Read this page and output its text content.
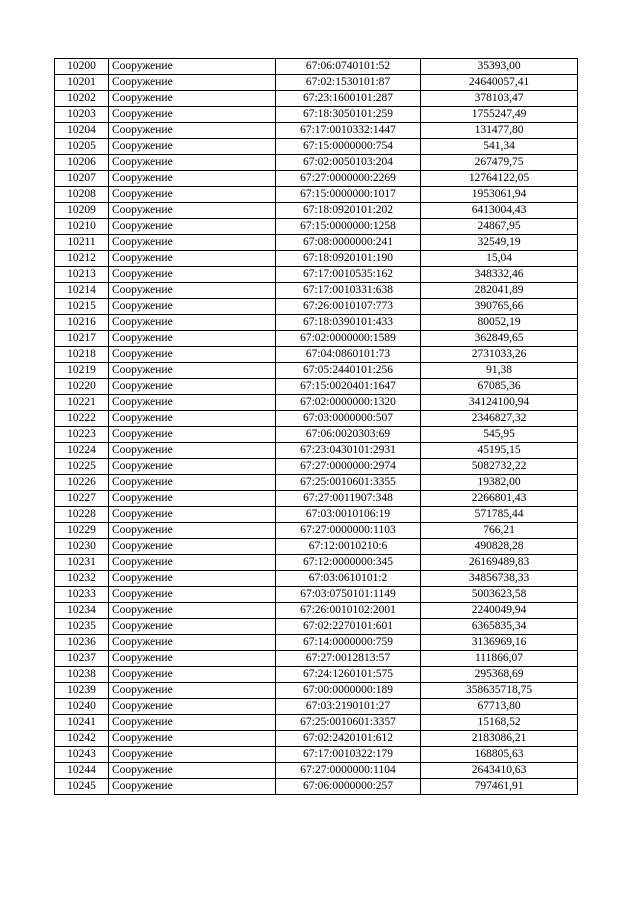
10200	Сооружение	67:06:0740101:52	35393,00
10201	Сооружение	67:02:1530101:87	24640057,41
10202	Сооружение	67:23:1600101:287	378103,47
10203	Сооружение	67:18:3050101:259	1755247,49
10204	Сооружение	67:17:0010332:1447	131477,80
10205	Сооружение	67:15:0000000:754	541,34
10206	Сооружение	67:02:0050103:204	267479,75
10207	Сооружение	67:27:0000000:2269	12764122,05
10208	Сооружение	67:15:0000000:1017	1953061,94
10209	Сооружение	67:18:0920101:202	6413004,43
10210	Сооружение	67:15:0000000:1258	24867,95
10211	Сооружение	67:08:0000000:241	32549,19
10212	Сооружение	67:18:0920101:190	15,04
10213	Сооружение	67:17:0010535:162	348332,46
10214	Сооружение	67:17:0010331:638	282041,89
10215	Сооружение	67:26:0010107:773	390765,66
10216	Сооружение	67:18:0390101:433	80052,19
10217	Сооружение	67:02:0000000:1589	362849,65
10218	Сооружение	67:04:0860101:73	2731033,26
10219	Сооружение	67:05:2440101:256	91,38
10220	Сооружение	67:15:0020401:1647	67085,36
10221	Сооружение	67:02:0000000:1320	34124100,94
10222	Сооружение	67:03:0000000:507	2346827,32
10223	Сооружение	67:06:0020303:69	545,95
10224	Сооружение	67:23:0430101:2931	45195,15
10225	Сооружение	67:27:0000000:2974	5082732,22
10226	Сооружение	67:25:0010601:3355	19382,00
10227	Сооружение	67:27:0011907:348	2266801,43
10228	Сооружение	67:03:0010106:19	571785,44
10229	Сооружение	67:27:0000000:1103	766,21
10230	Сооружение	67:12:0010210:6	490828,28
10231	Сооружение	67:12:0000000:345	26169489,83
10232	Сооружение	67:03:0610101:2	34856738,33
10233	Сооружение	67:03:0750101:1149	5003623,58
10234	Сооружение	67:26:0010102:2001	2240049,94
10235	Сооружение	67:02:2270101:601	6365835,34
10236	Сооружение	67:14:0000000:759	3136969,16
10237	Сооружение	67:27:0012813:57	111866,07
10238	Сооружение	67:24:1260101:575	295368,69
10239	Сооружение	67:00:0000000:189	358635718,75
10240	Сооружение	67:03:2190101:27	67713,80
10241	Сооружение	67:25:0010601:3357	15168,52
10242	Сооружение	67:02:2420101:612	2183086,21
10243	Сооружение	67:17:0010322:179	168805,63
10244	Сооружение	67:27:0000000:1104	2643410,63
10245	Сооружение	67:06:0000000:257	797461,91
